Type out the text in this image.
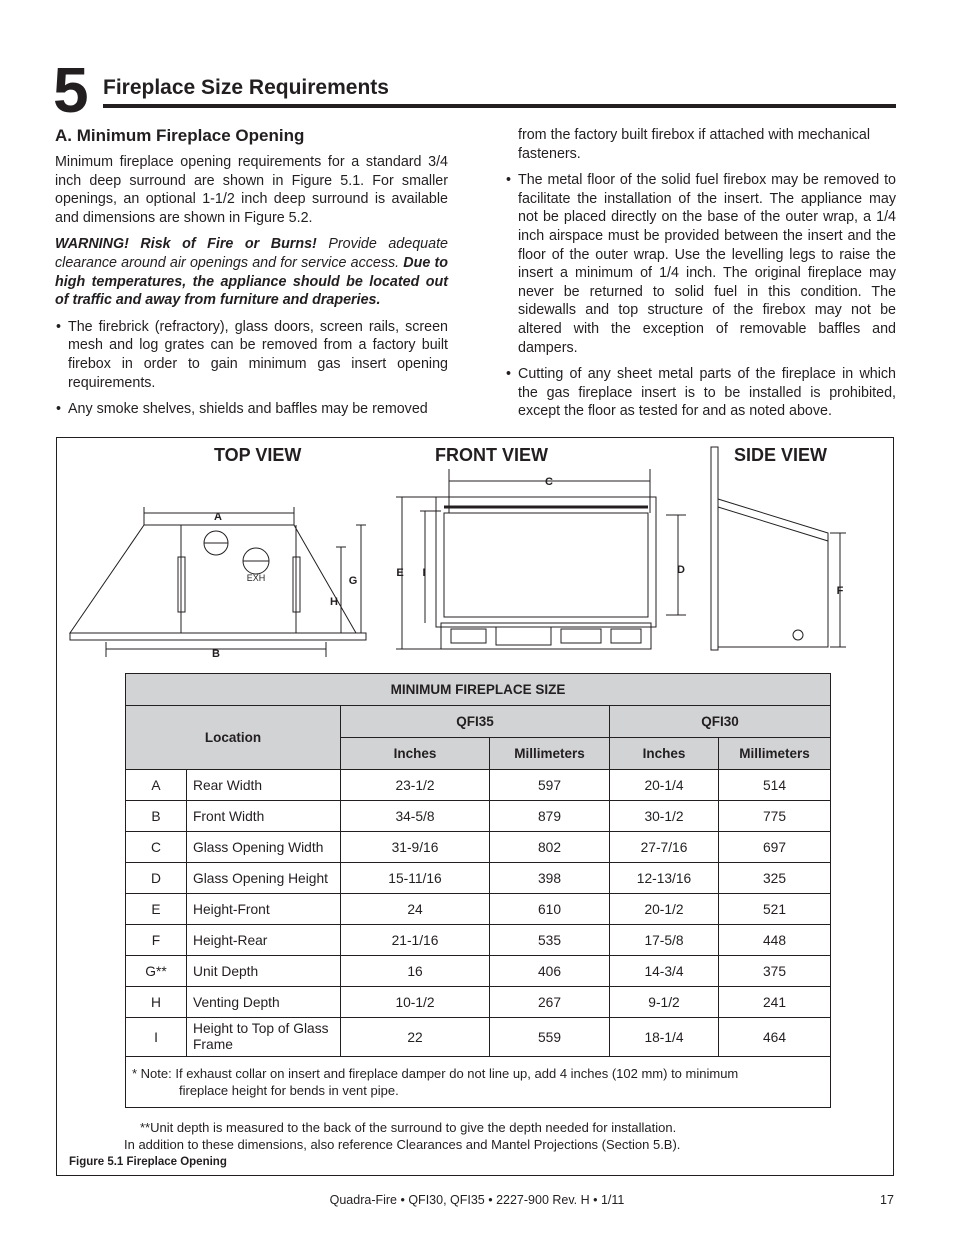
5 Fireplace Size Requirements
A. Minimum Fireplace Opening

Minimum fireplace opening requirements for a standard 3/4 inch deep surround are shown in Figure 5.1. For smaller openings, an optional 1-1/2 inch deep surround is available and dimensions are shown in Figure 5.2.

WARNING! Risk of Fire or Burns! Provide adequate clearance around air openings and for service access. Due to high temperatures, the appliance should be located out of traffic and away from furniture and draperies.

• The firebrick (refractory), glass doors, screen rails, screen mesh and log grates can be removed from a factory built firebox in order to gain minimum gas insert opening requirements.
• Any smoke shelves, shields and baffles may be removed

from the factory built firebox if attached with mechanical fasteners.

• The metal floor of the solid fuel firebox may be removed to facilitate the installation of the insert. The appliance may not be placed directly on the base of the outer wrap, a 1/4 inch airspace must be provided between the insert and the floor of the outer wrap. Use the levelling legs to raise the insert a minimum of 1/4 inch. The original fireplace may never be returned to solid fuel in this condition. The sidewalls and top structure of the firebox may not be altered with the exception of removable baffles and dampers.
• Cutting of any sheet metal parts of the fireplace in which the gas fireplace insert is to be installed is prohibited, except the floor as tested for and as noted above.
TOP VIEW	FRONT VIEW	SIDE VIEW
A
B
C
D
E
F
G
H
I
EXH
MINIMUM FIREPLACE SIZE					
Location		QFI35		QFI30	
		Inches	Millimeters	Inches	Millimeters
A	Rear Width	23-1/2	597	20-1/4	514
B	Front Width	34-5/8	879	30-1/2	775
C	Glass Opening Width	31-9/16	802	27-7/16	697
D	Glass Opening Height	15-11/16	398	12-13/16	325
E	Height-Front	24	610	20-1/2	521
F	Height-Rear	21-1/16	535	17-5/8	448
G**	Unit Depth	16	406	14-3/4	375
H	Venting Depth	10-1/2	267	9-1/2	241
I	Height to Top of Glass Frame	22	559	18-1/4	464

* Note: If exhaust collar on insert and fireplace damper do not line up, add 4 inches (102 mm) to minimum
fireplace height for bends in vent pipe.					
**Unit depth is measured to the back of the surround to give the depth needed for installation.
In addition to these dimensions, also reference Clearances and Mantel Projections (Section 5.B).
Figure 5.1 Fireplace Opening
Quadra-Fire • QFI30, QFI35 • 2227-900 Rev. H • 1/11	17
